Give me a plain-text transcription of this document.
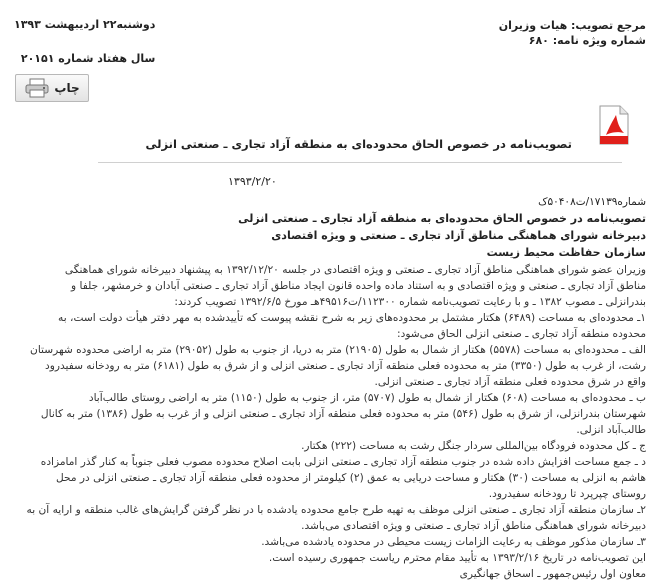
مرجع تصویب: هیات وزیران
شماره ویژه نامه: ۶۸۰
دوشنبه۲۲ اردیبهشت ۱۳۹۳
سال هفتاد شماره ۲۰۱۵۱
چاپ
تصویب‌نامه در خصوص الحاق محدوده‌ای به منطقه آزاد تجاری ـ صنعتی انزلی
۱۳۹۳/۲/۲۰
شماره۱۷۱۳۹/ت۵۰۴۰۸ک
تصویب‌نامه در خصوص الحاق محدوده‌ای به منطقه آزاد تجاری ـ صنعتی انزلی
دبیرخانه شورای هماهنگی مناطق آزاد تجاری ـ صنعتی و ویژه اقتصادی
سازمان حفاظت محیط زیست
وزیران عضو شورای هماهنگی مناطق آزاد تجاری ـ صنعتی و ویژه اقتصادی در جلسه ۱۳۹۲/۱۲/۲۰ به پیشنهاد دبیرخانه شورای هماهنگی
مناطق آزاد تجاری ـ صنعتی و ویژه اقتصادی و به استناد ماده واحده قانون ایجاد مناطق آزاد تجاری ـ صنعتی آبادان و خرمشهر، جلفا و
بندرانزلی ـ مصوب ۱۳۸۲ ـ و با رعایت تصویب‌نامه شماره ۱۱۲۳۰۰/ت۴۹۵۱۶هـ مورخ ۱۳۹۲/۶/۵ تصویب کردند:
۱ـ محدوده‌ای به مساحت (۶۴۸۹) هکتار مشتمل بر محدوده‌های زیر به شرح نقشه پیوست که تأییدشده به مهر دفتر هیأت دولت است، به
محدوده منطقه آزاد تجاری ـ صنعتی انزلی الحاق می‌شود:
الف ـ محدوده‌ای به مساحت (۵۵۷۸) هکتار از شمال به طول (۲۱۹۰۵) متر به دریا، از جنوب به طول (۲۹۰۵۲) متر به اراضی محدوده شهرستان
رشت، از غرب به طول (۳۳۵۰) متر به محدوده فعلی منطقه آزاد تجاری ـ صنعتی انزلی و از شرق به طول (۶۱۸۱) متر به رودخانه سفیدرود
واقع در شرق محدوده فعلی منطقه آزاد تجاری ـ صنعتی انزلی.
ب ـ محدوده‌ای به مساحت (۶۰۸) هکتار از شمال به طول (۵۷۰۷) متر، از جنوب به طول (۱۱۵۰) متر به اراضی روستای طالب‌آباد
شهرستان بندرانزلی، از شرق به طول (۵۴۶) متر به محدوده فعلی منطقه آزاد تجاری ـ صنعتی انزلی و از غرب به طول (۱۳۸۶) متر به کانال
طالب‌آباد انزلی.
ج ـ کل محدوده فرودگاه بین‌المللی سردار جنگل رشت به مساحت (۲۲۲) هکتار.
د ـ جمع مساحت افزایش داده شده در جنوب منطقه آزاد تجاری ـ صنعتی انزلی بابت اصلاح محدوده مصوب فعلی جنوباً به کنار گذر امامزاده
هاشم به انزلی به مساحت (۳۰) هکتار و مساحت دریایی به عمق (۲) کیلومتر از محدوده فعلی منطقه آزاد تجاری ـ صنعتی انزلی در محل
روستای چپرپرد تا رودخانه سفیدرود.
۲ـ سازمان منطقه آزاد تجاری ـ صنعتی انزلی موظف به تهیه طرح جامع محدوده یادشده با در نظر گرفتن گرایش‌های غالب منطقه و ارایه آن به
دبیرخانه شورای هماهنگی مناطق آزاد تجاری ـ صنعتی و ویژه اقتصادی می‌باشد.
۳ـ سازمان مذکور موظف به رعایت الزامات زیست محیطی در محدوده یادشده می‌باشد.
این تصویب‌نامه در تاریخ ۱۳۹۳/۲/۱۶ به تأیید مقام محترم ریاست جمهوری رسیده است.
معاون اول رئیس‌جمهور ـ اسحاق جهانگیری
